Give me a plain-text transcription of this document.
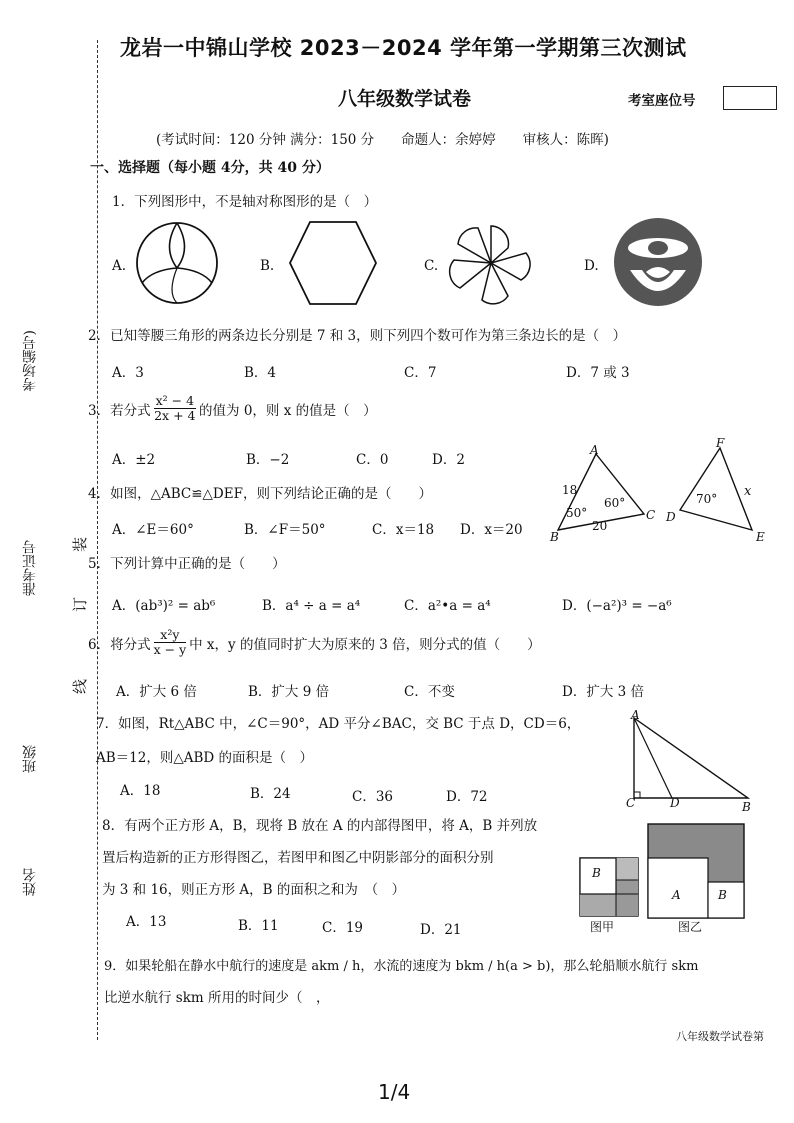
考场编号)
准考证号
班级
姓名
装
订
线
龙岩一中锦山学校 2023－2024 学年第一学期第三次测试
八年级数学试卷	考室座位号
(考试时间：120 分钟 满分：150 分　　命题人：余婷婷　　审核人：陈晖)
一、选择题（每小题 4分，共 40 分）
1．下列图形中，不是轴对称图形的是（　）
A.	B.	C.	D.
2．已知等腰三角形的两条边长分别是 7 和 3，则下列四个数可作为第三条边长的是（　）
A．3	B．4	C．7	D．7 或 3
3．若分式 $\frac{\text{x² − 4}}{2x + 4}$ 的值为 0，则 x 的值是（　）
A．±2	B．−2	C．0	D．2
4．如图，△ABC≌△DEF，则下列结论正确的是（　　）
A．∠E＝60°	B．∠F＝50°	C．x＝18 D．x＝20
A
B
C D
E
F
18
20
50°
60°	70° x
5．下列计算中正确的是（　　）
A．(ab³)² = ab⁶	B．a⁴ ÷ a = a⁴	C．a²•a = a⁴	D．(−a²)³ = −a⁶
6．将分式 $\frac{\text{x²y}}{x - y}$ 中 x，y 的值同时扩大为原来的 3 倍，则分式的值（　　）
A．扩大 6 倍	B．扩大 9 倍	C．不变	D．扩大 3 倍
7．如图，Rt△ABC 中，∠C＝90°，AD 平分∠BAC，交 BC 于点 D，CD＝6，
AB＝12，则△ABD 的面积是（　）
A．18	B．24	C．36	D．72
A
C	D	B
8．有两个正方形 A，B，现将 B 放在 A 的内部得图甲，将 A，B 并列放
置后构造新的正方形得图乙，若图甲和图乙中阴影部分的面积分别
为 3 和 16，则正方形 A，B 的面积之和为　（　）
A．13	B．11	C．19	D．21
B
A	B
图甲	图乙
9．如果轮船在静水中航行的速度是 akm / h，水流的速度为 bkm / h(a > b)，那么轮船顺水航行 skm
比逆水航行 skm 所用的时间少（　，
八年级数学试卷第
1/4
